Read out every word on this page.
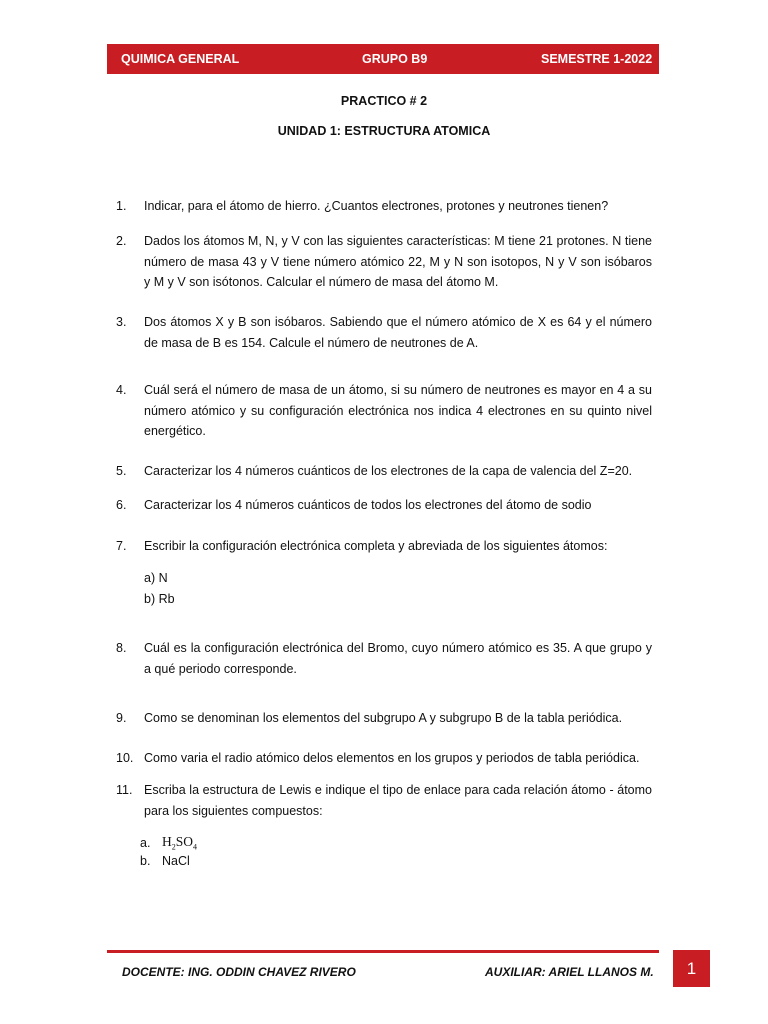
QUIMICA GENERAL	GRUPO B9	SEMESTRE 1-2022
PRACTICO # 2
UNIDAD 1: ESTRUCTURA ATOMICA
1. Indicar, para el átomo de hierro. ¿Cuantos electrones, protones y neutrones tienen?
2. Dados los átomos M, N, y V con las siguientes características: M tiene 21 protones. N tiene número de masa 43 y V tiene número atómico 22, M y N son isotopos, N y V son isóbaros y M y V son isótonos. Calcular el número de masa del átomo M.
3. Dos átomos X y B son isóbaros. Sabiendo que el número atómico de X es 64 y el número de masa de B es 154. Calcule el número de neutrones de A.
4. Cuál será el número de masa de un átomo, si su número de neutrones es mayor en 4 a su número atómico y su configuración electrónica nos indica 4 electrones en su quinto nivel energético.
5. Caracterizar los 4 números cuánticos de los electrones de la capa de valencia del Z=20.
6. Caracterizar los 4 números cuánticos de todos los electrones del átomo de sodio
7. Escribir la configuración electrónica completa y abreviada de los siguientes átomos:
a) N
b) Rb
8. Cuál es la configuración electrónica del Bromo, cuyo número atómico es 35. A que grupo y a qué periodo corresponde.
9. Como se denominan los elementos del subgrupo A y subgrupo B de la tabla periódica.
10. Como varia el radio atómico delos elementos en los grupos y periodos de tabla periódica.
11. Escriba la estructura de Lewis e indique el tipo de enlace para cada relación átomo - átomo para los siguientes compuestos:
a. $H_2SO_4$
b. NaCl
DOCENTE: ING. ODDIN CHAVEZ RIVERO	AUXILIAR: ARIEL LLANOS M.	1
